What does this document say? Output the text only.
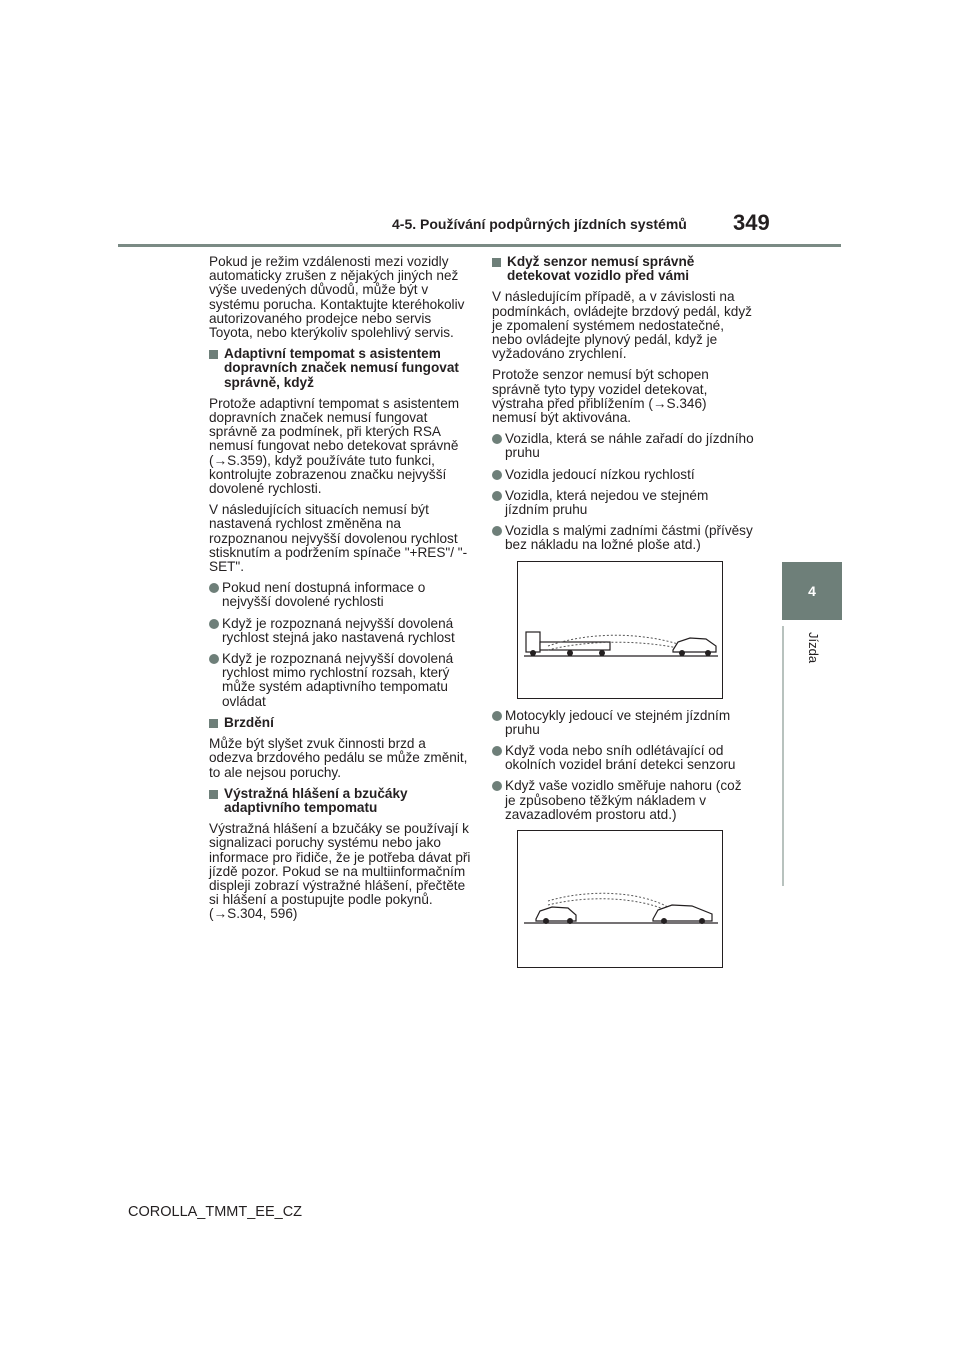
4-5. Používání podpůrných jízdních systémů 349
4
Jízda

Pokud je režim vzdálenosti mezi vozidly automaticky zrušen z nějakých jiných než výše uvedených důvodů, může být v systému porucha. Kontaktujte kteréhokoliv autorizovaného prodejce nebo servis Toyota, nebo kterýkoliv spolehlivý servis.

Adaptivní tempomat s asistentem dopravních značek nemusí fungovat správně, když

Protože adaptivní tempomat s asistentem dopravních značek nemusí fungovat správně za podmínek, při kterých RSA nemusí fungovat nebo detekovat správně (→S.359), když používáte tuto funkci, kontrolujte zobrazenou značku nejvyšší dovolené rychlosti.

V následujících situacích nemusí být nastavená rychlost změněna na rozpoznanou nejvyšší dovolenou rychlost stisknutím a podržením spínače "+RES"/ "-SET".

Pokud není dostupná informace o nejvyšší dovolené rychlosti
Když je rozpoznaná nejvyšší dovolená rychlost stejná jako nastavená rychlost
Když je rozpoznaná nejvyšší dovolená rychlost mimo rychlostní rozsah, který může systém adaptivního tempomatu ovládat
Brzdění

Může být slyšet zvuk činnosti brzd a odezva brzdového pedálu se může změnit, to ale nejsou poruchy.

Výstražná hlášení a bzučáky adaptivního tempomatu

Výstražná hlášení a bzučáky se používají k signalizaci poruchy systému nebo jako informace pro řidiče, že je potřeba dávat při jízdě pozor. Pokud se na multiinformačním displeji zobrazí výstražné hlášení, přečtěte si hlášení a postupujte podle pokynů. (→S.304, 596)

Když senzor nemusí správně detekovat vozidlo před vámi

V následujícím případě, a v závislosti na podmínkách, ovládejte brzdový pedál, když je zpomalení systémem nedostatečné, nebo ovládejte plynový pedál, když je vyžadováno zrychlení.

Protože senzor nemusí být schopen správně tyto typy vozidel detekovat, výstraha před přiblížením (→S.346) nemusí být aktivována.

Vozidla, která se náhle zařadí do jízdního pruhu
Vozidla jedoucí nízkou rychlostí
Vozidla, která nejedou ve stejném jízdním pruhu
Vozidla s malými zadními částmi (přívěsy bez nákladu na ložné ploše atd.)
Motocykly jedoucí ve stejném jízdním pruhu
Když voda nebo sníh odlétávající od okolních vozidel brání detekci senzoru
Když vaše vozidlo směřuje nahoru (což je způsobeno těžkým nákladem v zavazadlovém prostoru atd.)
COROLLA_TMMT_EE_CZ
